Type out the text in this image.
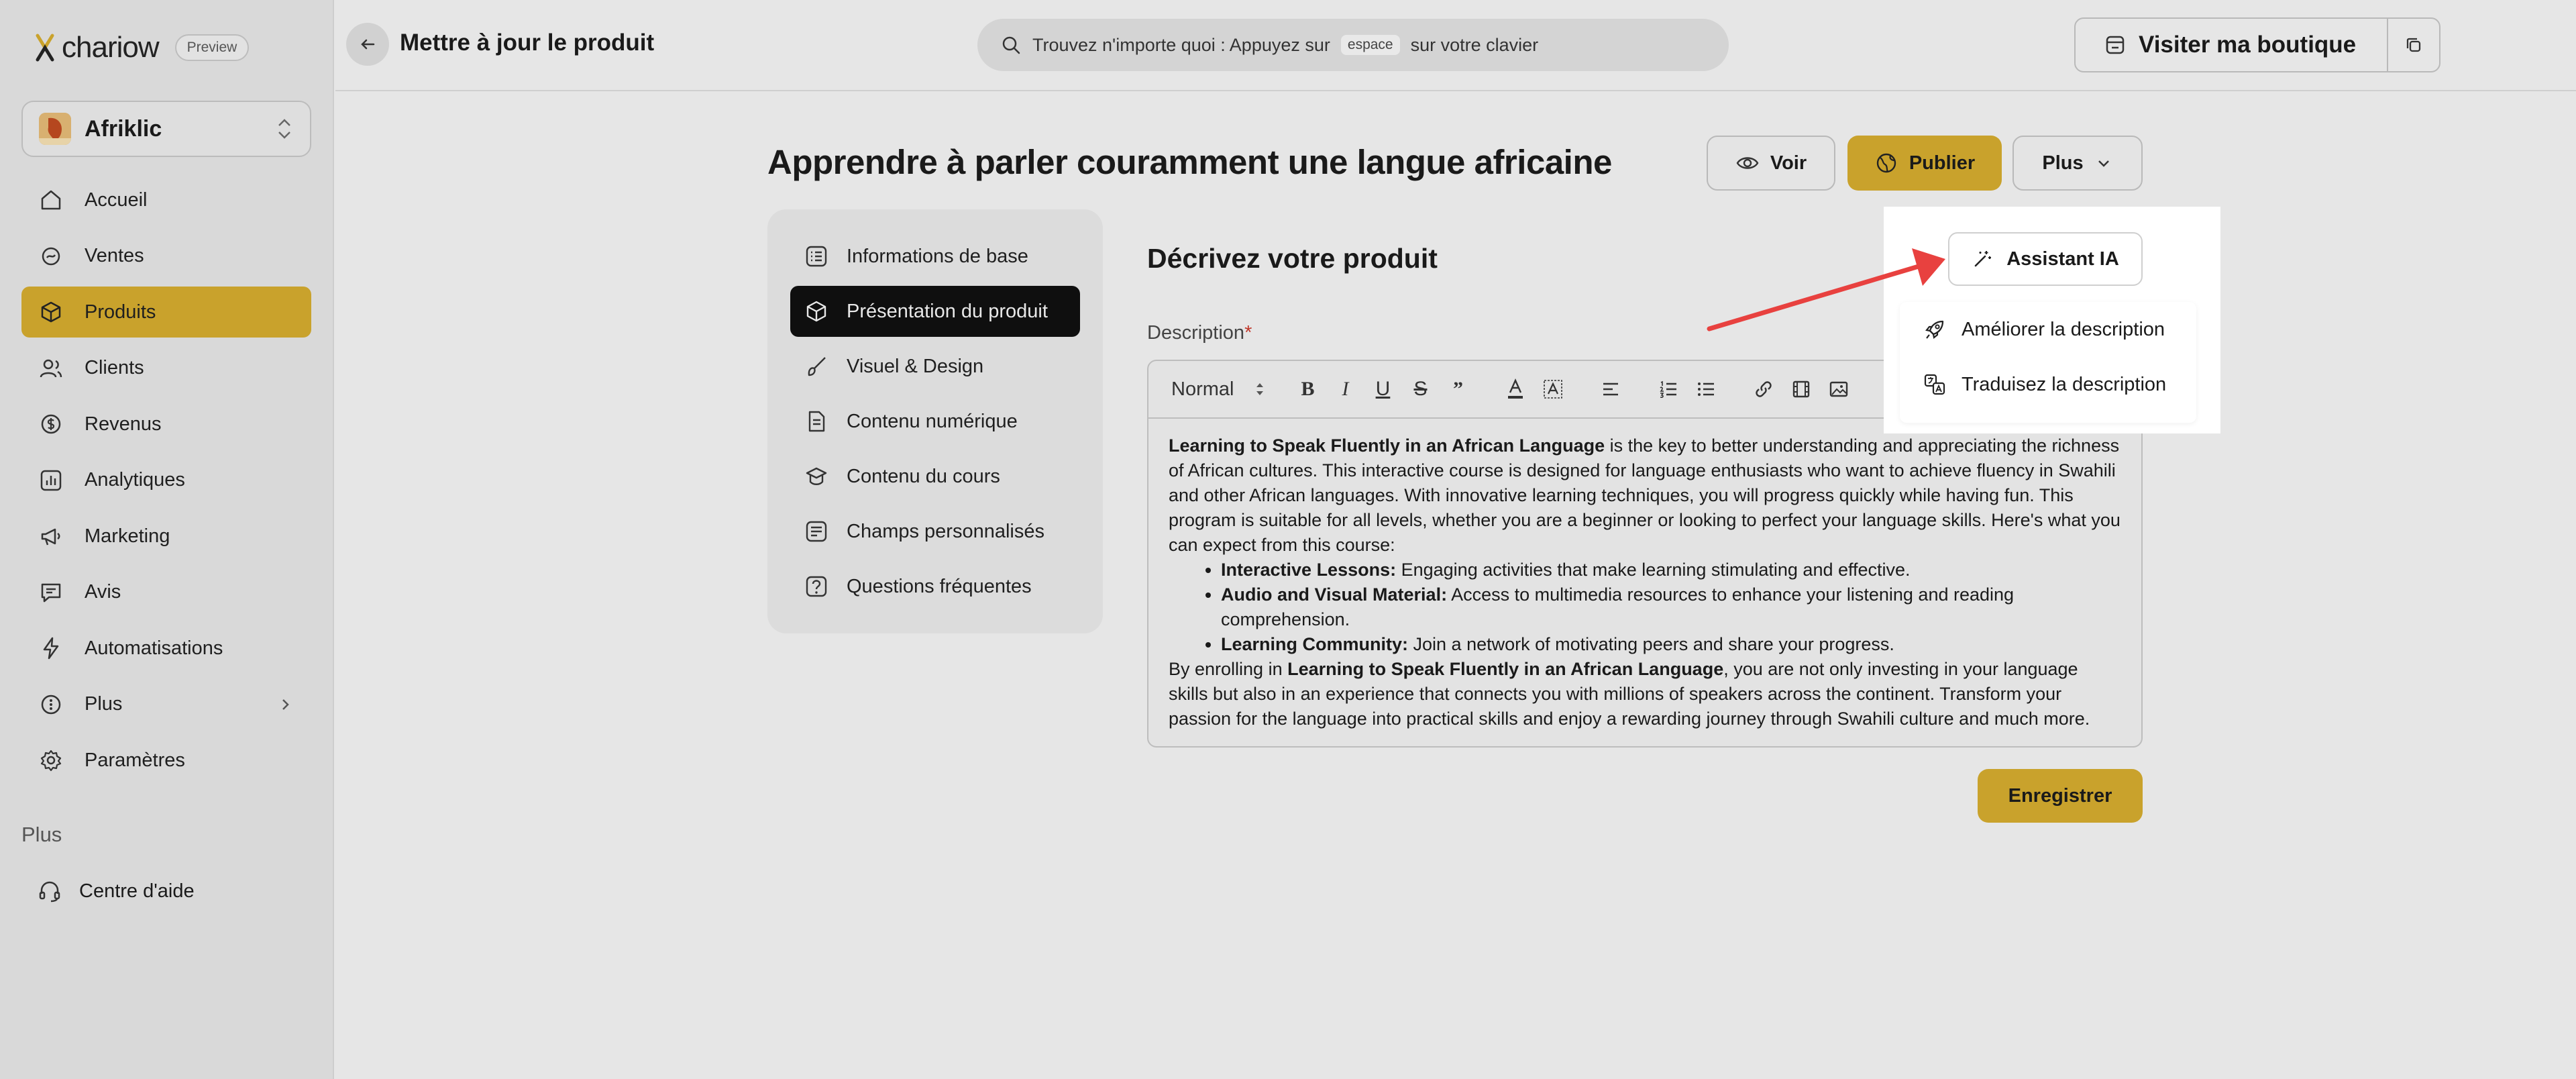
chariow	Preview
Afriklic
Accueil
Ventes
Produits
Clients
Revenus
Analytiques
Marketing
Avis
Automatisations
Plus
Paramètres
Plus
Centre d'aide
Mettre à jour le produit	Trouvez n'importe quoi : Appuyez sur	espace sur votre clavier	Visiter ma boutique
Apprendre à parler couramment une langue africaine	Voir	Publier	Plus
Informations de base
Présentation du produit
Visuel & Design
Contenu numérique
Contenu du cours
Champs personnalisés
Questions fréquentes
Décrivez votre produit
Description*
Normal	B	I	U S	”

Learning to Speak Fluently in an African Language is the key to better understanding and appreciating the richness of African cultures. This interactive course is designed for language enthusiasts who want to achieve fluency in Swahili and other African languages. With innovative learning techniques, you will progress quickly while having fun. This program is suitable for all levels, whether you are a beginner or looking to perfect your language skills. Here's what you can expect from this course:

• Interactive Lessons: Engaging activities that make learning stimulating and effective.
• Audio and Visual Material: Access to multimedia resources to enhance your listening and reading comprehension.
• Learning Community: Join a network of motivating peers and share your progress.

By enrolling in Learning to Speak Fluently in an African Language, you are not only investing in your language skills but also in an experience that connects you with millions of speakers across the continent. Transform your passion for the language into practical skills and enjoy a rewarding journey through Swahili culture and much more.

Enregistrer
Assistant IA
Améliorer la description
Traduisez la description
